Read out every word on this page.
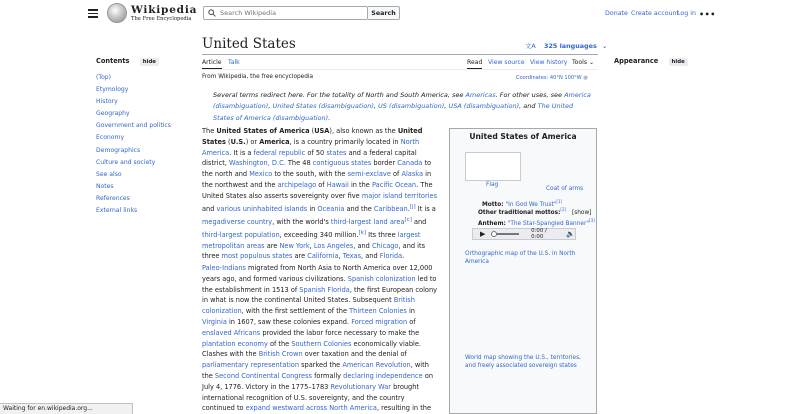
Wikipedia
The Free Encyclopedia
Search Wikipedia
Search	Donate Create account
Log in •••
Contents hide
(Top)
Etymology
History
Geography
Government and politics
Economy
Demographics
Culture and society
See also
Notes
References
External links
United States	文A 325 languages ⌄
Article Talk	Read View source View history Tools ⌄
From Wikipedia, the free encyclopedia	Coordinates: 40°N 100°W ◍
Appearance hide
Several terms redirect here. For the totality of North and South America, see Americas. For other uses, see America (disambiguation), United States (disambiguation), US (disambiguation), USA (disambiguation), and The United States of America (disambiguation).
The United States of America (USA), also known as the United States (U.S.) or America, is a country primarily located in North America. It is a federal republic of 50 states and a federal capital district, Washington, D.C. The 48 contiguous states border Canada to the north and Mexico to the south, with the semi-exclave of Alaska in the northwest and the archipelago of Hawaii in the Pacific Ocean. The United States also asserts sovereignty over five major island territories and various uninhabited islands in Oceania and the Caribbean.[j] It is a megadiverse country, with the world's third-largest land area[c] and third-largest population, exceeding 340 million.[k] Its three largest metropolitan areas are New York, Los Angeles, and Chicago, and its three most populous states are California, Texas, and Florida.
Paleo-Indians migrated from North Asia to North America over 12,000 years ago, and formed various civilizations. Spanish colonization led to the establishment in 1513 of Spanish Florida, the first European colony in what is now the continental United States. Subsequent British colonization, with the first settlement of the Thirteen Colonies in Virginia in 1607, saw these colonies expand. Forced migration of enslaved Africans provided the labor force necessary to make the plantation economy of the Southern Colonies economically viable. Clashes with the British Crown over taxation and the denial of parliamentary representation sparked the American Revolution, with the Second Continental Congress formally declaring independence on July 4, 1776. Victory in the 1775–1783 Revolutionary War brought international recognition of U.S. sovereignty, and the country continued to expand westward across North America, resulting in the
United States of America
Flag
Coat of arms
Motto: "In God We Trust"[1]
Other traditional mottos:[2] [show]
Anthem: "The Star-Spangled Banner"[3]
▶	0:00 / 0:00	🔈
Orthographic map of the U.S. in North America
World map showing the U.S., territories, and freely associated sovereign states
Waiting for en.wikipedia.org...
